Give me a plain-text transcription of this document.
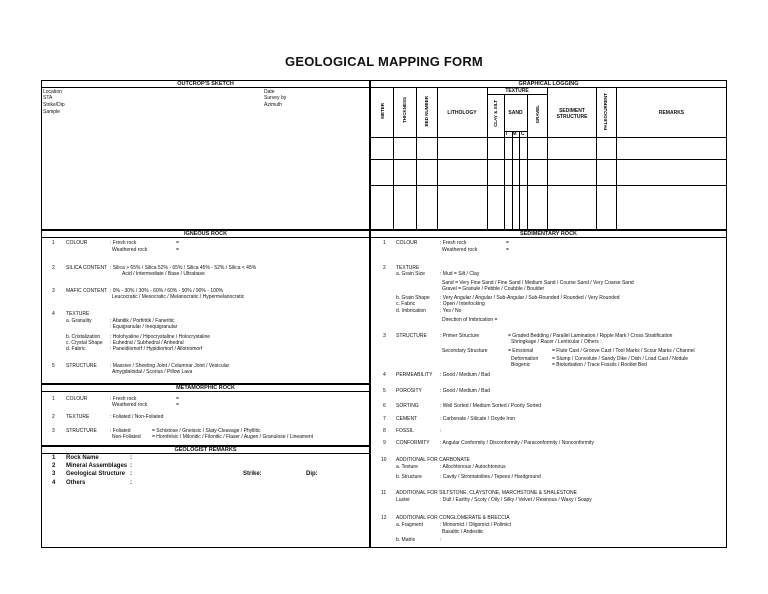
GEOLOGICAL MAPPING FORM
OUTCROP'S SKETCH
Location
STA
Strike/Dip
Sample
Date
Survey by
Azimuth
GRAPHICAL LOGGING
METER	THICKNESS	BED NUMBER	LITHOLOGY
TEXTURE
CLAY & SILT	SAND
T M C
GRAVEL	SEDIMENT STRUCTURE	PALEOCURRENT	REMARKS
IGNEOUS ROCK
1 COLOUR	: Fresh rock	=
Weathered rock	=
2 SILICA CONTENT : Silica > 65% / Silica 52% - 65% / Silica 45% - 52% / Silica < 45%
Acid / Intermediate / Base / Ultrabase
3 MAFIC CONTENT : 0% - 30% / 30% - 60% / 60% - 90% / 90% - 100%
Leucocratic / Mesocratic / Melanocratic / Hypermelanocratic
4 TEXTURE
a. Granulity	: Afanitik / Porfiritik / Faneritic
: Equigranular / Inequigranular
b. Cristalization : Holohyaline / Hipocrystaline / Holocrystaline
c. Crystal Shape : Euhedral / Subhedral / Anhedral
d. Fabric	: Paneidiomorf / Hypidiomorf / Allotriomorf
5 STRUCTURE	: Massive / Sheeting Joint / Columnar Joint / Vesicular
Amygdaloidal / Scorius / Pillow Lava
METAMORPHIC ROCK
1 COLOUR	: Fresh rock	=
Weathered rock	=
2 TEXTURE	: Foliated / Non-Foliated
3 STRUCTURE	: Foliated	= Schistose / Gneissic / Slaty-Cleavage / Phyllitic
Non-Foliated = Hornfelsic / Milonitic / Filonitic / Flaser / Augen / Granulose / Lineament
GEOLOGIST REMARKS
1 Rock Name	:
2 Mineral Assemblages :
3 Geological Structure :	Strike:	Dip:
4 Others	:
SEDIMENTARY ROCK
1 COLOUR	: Fresh rock	=
Weathered rock	=
2 TEXTURE
a. Grain Size	: Mud = Silt / Clay
Sand = Very Fine Sand / Fine Sand / Medium Sand / Course Sand / Very Coarse Sand
Gravel = Granule / Pebble / Coubble / Boulder
b. Grain Shape : Very Angular / Angular / Sub-Angular / Sub-Rounded / Rounded / Very Rounded
c. Fabric	: Open / Interlocking
d. Imbrication	: Yes / No
Direction of Imbrication =
3 STRUCTURE	: Primer Structure	= Graded Bedding / Parallel Lamination / Ripple Mark / Cross Stratification
Shringkage / Racer / Lenticular / Others :
Secondary Structure	= Erosional	= Flute Cast / Groove Cast / Tool Marks / Scour Marks / Channel
Deformation	= Slump / Convolute / Sandy Dike / Dish / Load Cast / Nodule
Biogenic	= Bioturbation / Trace Fossils / Rootlet Bed
4 PERMEABILITY : Good / Medium / Bad
5 POROSITY	: Good / Medium / Bad
6 SORTING	: Well Sorted / Medium Sorted / Poorly Sorted
7 CEMENT	: Carbonate / Silicate / Oxyde Iron
8 FOSSIL	:
9 CONFORMITY : Angular Conformity / Disconformity / Paraconformity / Nonconformity
10 ADDITIONAL FOR CARBONATE
a. Texture	: Allochtonous / Autochtonous
b. Structure	: Cavity / Stromatolites / Tepees / Hardground
11 ADDITIONAL FOR SILTSTONE, CLAYSTONE, MARCHSTONE & SHALESTONE
Luster	: Dull / Earthy / Scoty / Oily / Silky / Velvet / Resinous / Waxy / Soapy
12 ADDITIONAL FOR CONGLOMERATE & BRECCIA
a. Fragment	: Monomict / Oligomict / Polimict
Basaltic / Andesitic
b. Matrix	:
